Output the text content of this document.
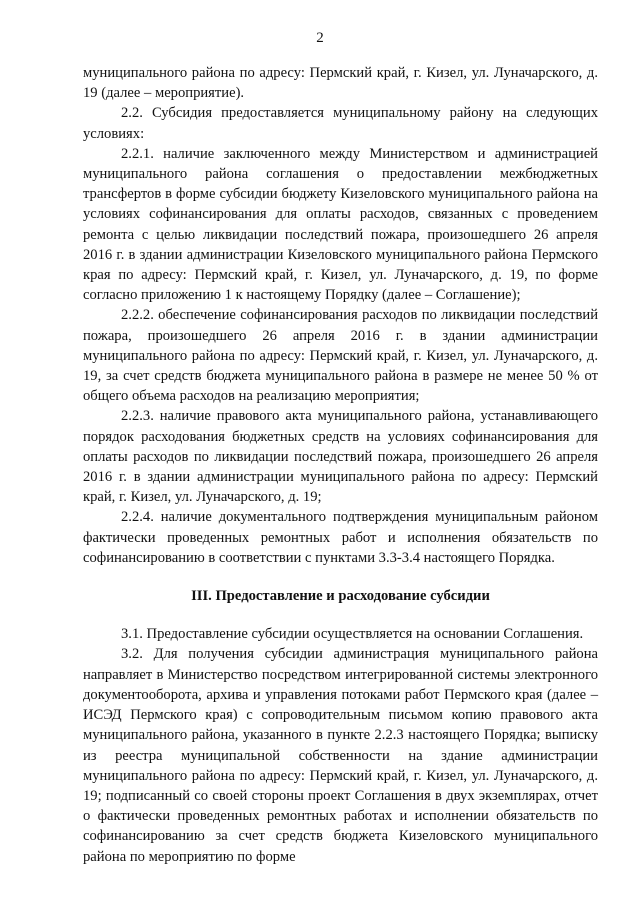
2

муниципального района по адресу: Пермский край, г. Кизел, ул. Луначарского, д. 19 (далее – мероприятие).

2.2. Субсидия предоставляется муниципальному району на следующих условиях:

2.2.1. наличие заключенного между Министерством и администрацией муниципального района соглашения о предоставлении межбюджетных трансфертов в форме субсидии бюджету Кизеловского муниципального района на условиях софинансирования для оплаты расходов, связанных с проведением ремонта с целью ликвидации последствий пожара, произошедшего 26 апреля 2016 г. в здании администрации Кизеловского муниципального района Пермского края по адресу: Пермский край, г. Кизел, ул. Луначарского, д. 19, по форме согласно приложению 1 к настоящему Порядку (далее – Соглашение);

2.2.2. обеспечение софинансирования расходов по ликвидации последствий пожара, произошедшего 26 апреля 2016 г. в здании администрации муниципального района по адресу: Пермский край, г. Кизел, ул. Луначарского, д. 19, за счет средств бюджета муниципального района в размере не менее 50 % от общего объема расходов на реализацию мероприятия;

2.2.3. наличие правового акта муниципального района, устанавливающего порядок расходования бюджетных средств на условиях софинансирования для оплаты расходов по ликвидации последствий пожара, произошедшего 26 апреля 2016 г. в здании администрации муниципального района по адресу: Пермский край, г. Кизел, ул. Луначарского, д. 19;

2.2.4. наличие документального подтверждения муниципальным районом фактически проведенных ремонтных работ и исполнения обязательств по софинансированию в соответствии с пунктами 3.3-3.4 настоящего Порядка.

III. Предоставление и расходование субсидии

3.1. Предоставление субсидии осуществляется на основании Соглашения.

3.2. Для получения субсидии администрация муниципального района направляет в Министерство посредством интегрированной системы электронного документооборота, архива и управления потоками работ Пермского края (далее – ИСЭД Пермского края) с сопроводительным письмом копию правового акта муниципального района, указанного в пункте 2.2.3 настоящего Порядка; выписку из реестра муниципальной собственности на здание администрации муниципального района по адресу: Пермский край, г. Кизел, ул. Луначарского, д. 19; подписанный со своей стороны проект Соглашения в двух экземплярах, отчет о фактически проведенных ремонтных работах и исполнении обязательств по софинансированию за счет средств бюджета Кизеловского муниципального района по мероприятию по форме
